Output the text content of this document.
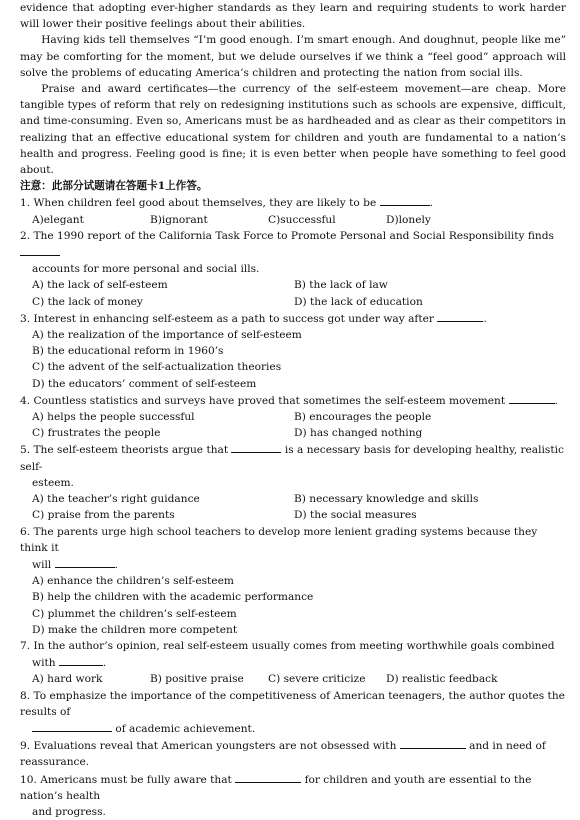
evidence that adopting ever-higher standards as they learn and requiring students to work harder will lower their positive feelings about their abilities.

Having kids tell themselves “I’m good enough. I’m smart enough. And doughnut, people like me” may be comforting for the moment, but we delude ourselves if we think a “feel good” approach will solve the problems of educating America’s children and protecting the nation from social ills.

Praise and award certificates—the currency of the self-esteem movement—are cheap. More tangible types of reform that rely on redesigning institutions such as schools are expensive, difficult, and time-consuming. Even so, Americans must be as hardheaded and as clear as their competitors in realizing that an effective educational system for children and youth are fundamental to a nation’s health and progress. Feeling good is fine; it is even better when people have something to feel good about.

注意：此部分试题请在答题卡1上作答。

1. When children feel good about themselves, they are likely to be	.
A)elegant	B)ignorant	C)successful	D)lonely
2. The 1990 report of the California Task Force to Promote Personal and Social Responsibility finds
accounts for more personal and social ills.
A) the lack of self-esteem	B) the lack of law
C) the lack of money	D) the lack of education
3. Interest in enhancing self-esteem as a path to success got under way after	.
A) the realization of the importance of self-esteem
B) the educational reform in 1960’s
C) the advent of the self-actualization theories
D) the educators’ comment of self-esteem
4. Countless statistics and surveys have proved that sometimes the self-esteem movement	.
A) helps the people successful	B) encourages the people
C) frustrates the people	D) has changed nothing
5. The self-esteem theorists argue that	is a necessary basis for developing healthy, realistic self-
esteem.
A) the teacher’s right guidance	B) necessary knowledge and skills
C) praise from the parents	D) the social measures
6. The parents urge high school teachers to develop more lenient grading systems because they think it
will	.
A) enhance the children’s self-esteem
B) help the children with the academic performance
C) plummet the children’s self-esteem
D) make the children more competent
7. In the author’s opinion, real self-esteem usually comes from meeting worthwhile goals combined
with	.
A) hard work	B) positive praise	C) severe criticize	D) realistic feedback
8. To emphasize the importance of the competitiveness of American teenagers, the author quotes the results of
of academic achievement.
9. Evaluations reveal that American youngsters are not obsessed with	and in need of reassurance.
10. Americans must be fully aware that	for children and youth are essential to the nation’s health
and progress.
